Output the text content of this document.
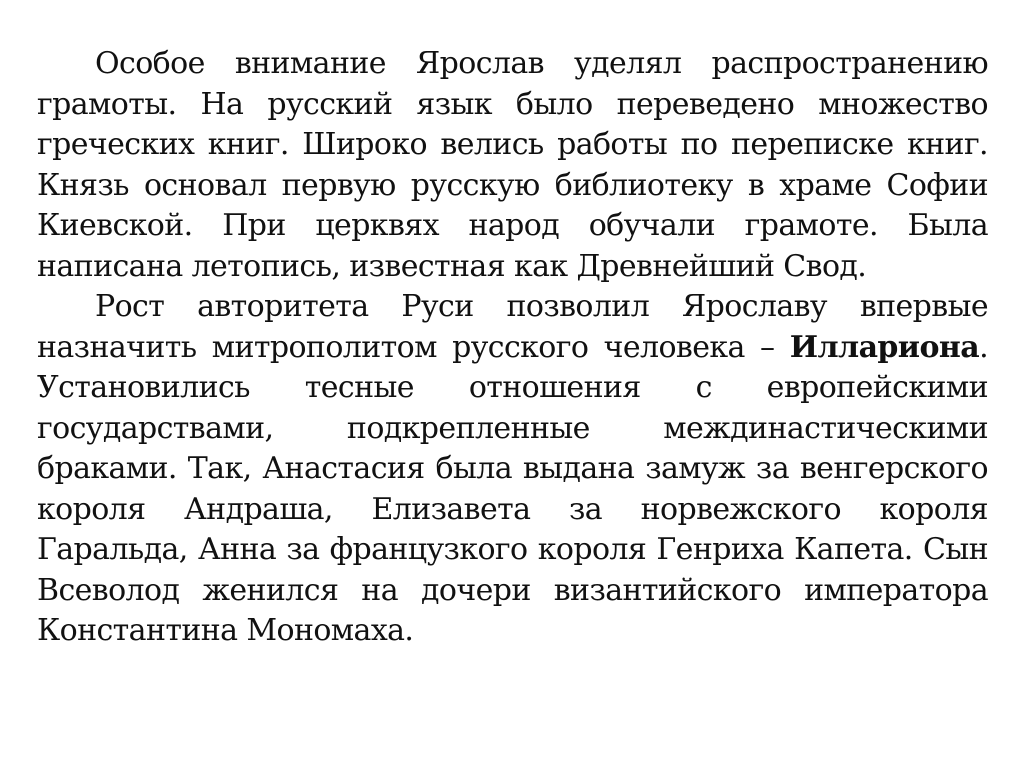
Особое внимание Ярослав уделял распространению грамоты. На русский язык было переведено множество греческих книг. Широко велись работы по переписке книг. Князь основал первую русскую библиотеку в храме Софии Киевской. При церквях народ обучали грамоте. Была написана летопись, известная как Древнейший Свод.

Рост авторитета Руси позволил Ярославу впервые назначить митрополитом русского человека – Иллариона. Установились тесные отношения с европейскими государствами, подкрепленные междинастическими браками. Так, Анастасия была выдана замуж за венгерского короля Андраша, Елизавета за норвежского короля Гаральда, Анна за французкого короля Генриха Капета. Сын Всеволод женился на дочери византийского императора Константина Мономаха.
